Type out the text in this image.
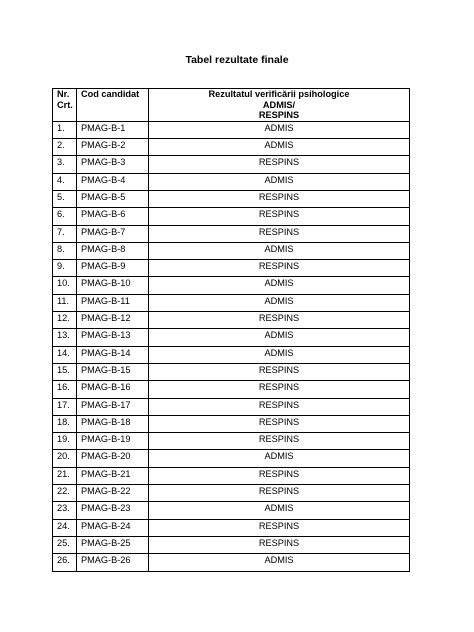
Tabel rezultate finale
Nr.
Crt.	Cod candidat	Rezultatul verificării psihologice
ADMIS/
RESPINS

1.	PMAG-B-1	ADMIS
2.	PMAG-B-2	ADMIS
3.	PMAG-B-3	RESPINS
4.	PMAG-B-4	ADMIS
5.	PMAG-B-5	RESPINS
6.	PMAG-B-6	RESPINS
7.	PMAG-B-7	RESPINS
8.	PMAG-B-8	ADMIS
9.	PMAG-B-9	RESPINS
10.	PMAG-B-10	ADMIS
11.	PMAG-B-11	ADMIS
12.	PMAG-B-12	RESPINS
13.	PMAG-B-13	ADMIS
14.	PMAG-B-14	ADMIS
15.	PMAG-B-15	RESPINS
16.	PMAG-B-16	RESPINS
17.	PMAG-B-17	RESPINS
18.	PMAG-B-18	RESPINS
19.	PMAG-B-19	RESPINS
20.	PMAG-B-20	ADMIS
21.	PMAG-B-21	RESPINS
22.	PMAG-B-22	RESPINS
23.	PMAG-B-23	ADMIS
24.	PMAG-B-24	RESPINS
25.	PMAG-B-25	RESPINS
26.	PMAG-B-26	ADMIS
